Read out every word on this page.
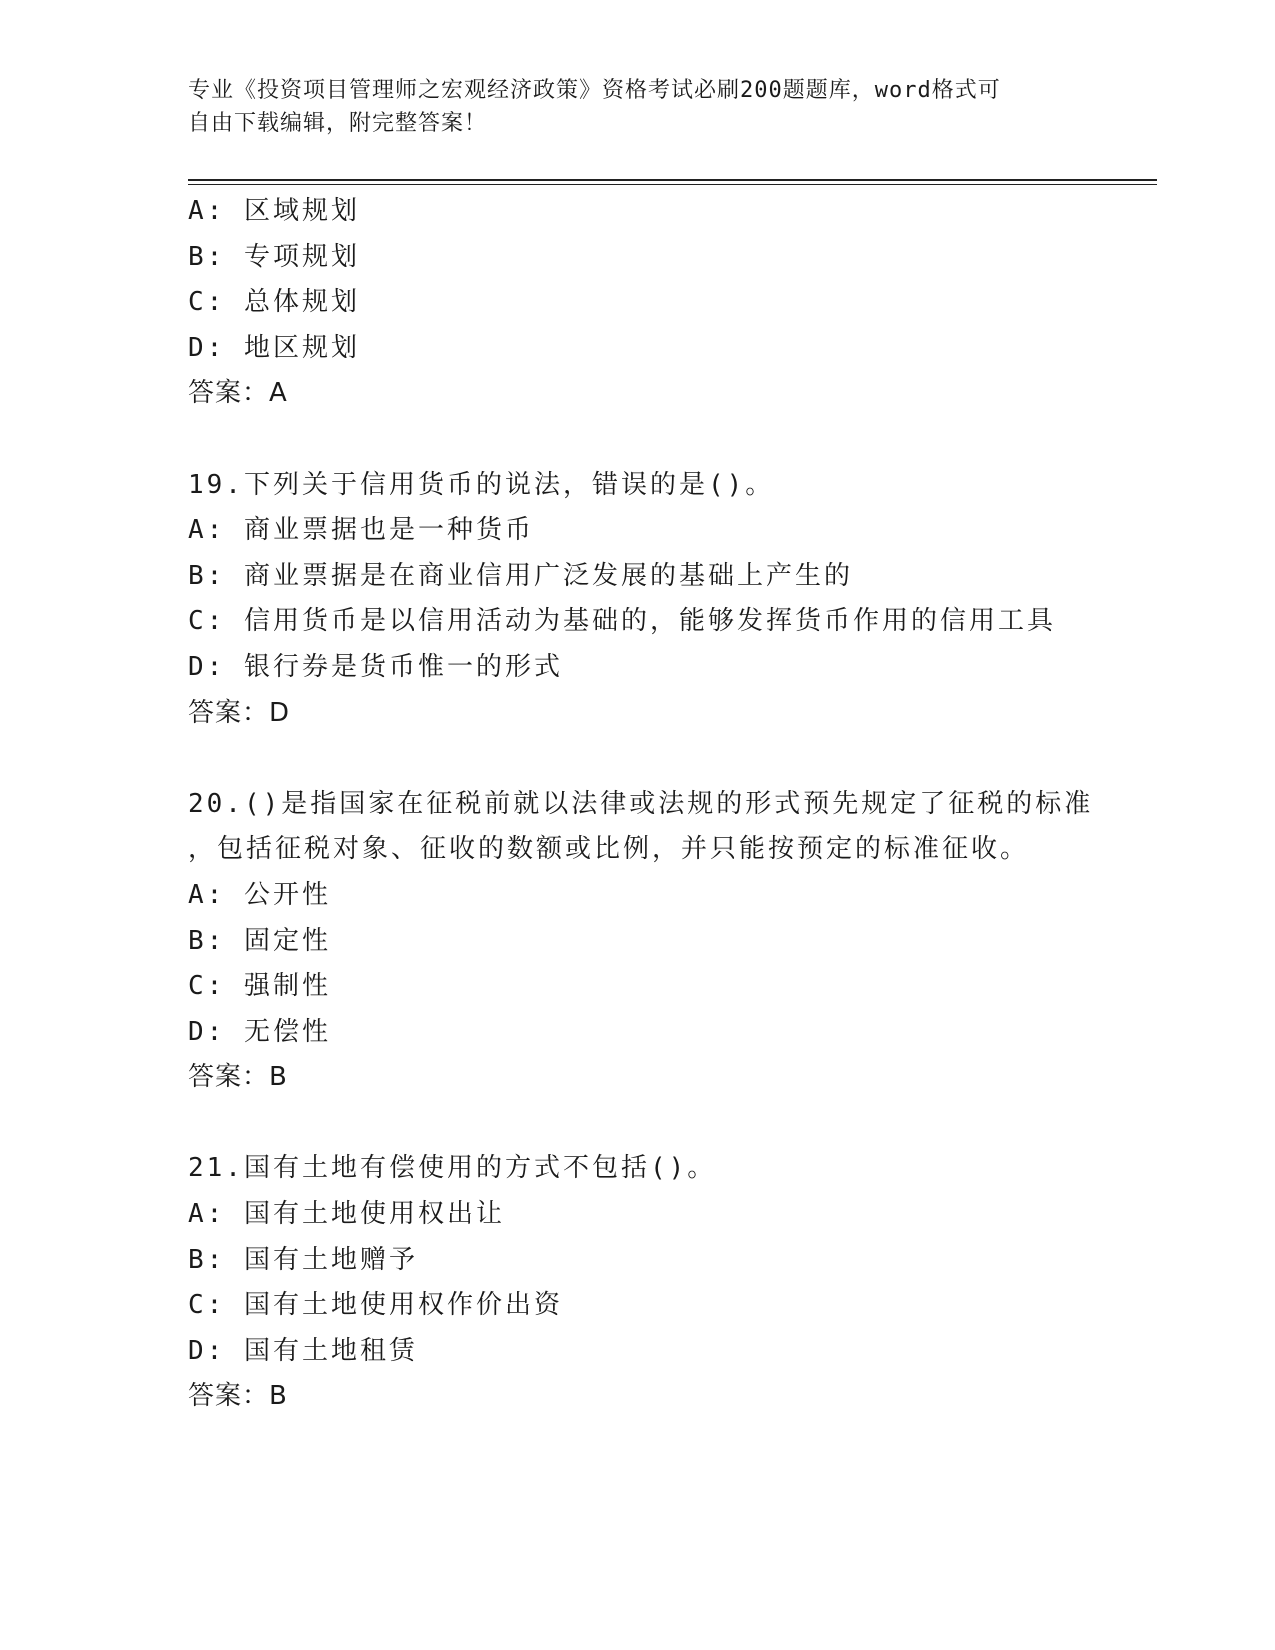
专业《投资项目管理师之宏观经济政策》资格考试必刷200题题库，word格式可
自由下载编辑，附完整答案！
A: 区域规划
B: 专项规划
C: 总体规划
D: 地区规划
答案：A
19.下列关于信用货币的说法，错误的是()。
A: 商业票据也是一种货币
B: 商业票据是在商业信用广泛发展的基础上产生的
C: 信用货币是以信用活动为基础的，能够发挥货币作用的信用工具
D: 银行券是货币惟一的形式
答案：D
20.()是指国家在征税前就以法律或法规的形式预先规定了征税的标准
，包括征税对象、征收的数额或比例，并只能按预定的标准征收。
A: 公开性
B: 固定性
C: 强制性
D: 无偿性
答案：B
21.国有土地有偿使用的方式不包括()。
A: 国有土地使用权出让
B: 国有土地赠予
C: 国有土地使用权作价出资
D: 国有土地租赁
答案：B
